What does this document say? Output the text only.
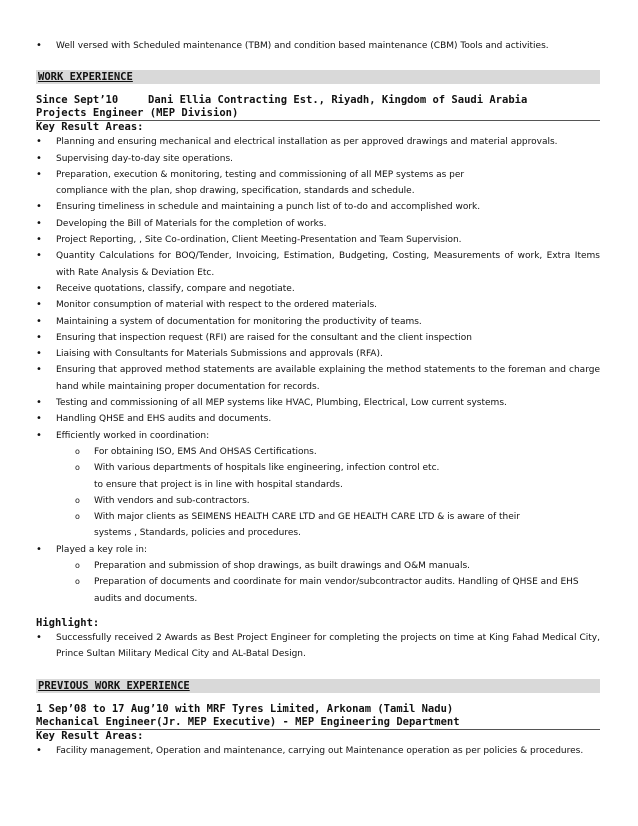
• Well versed with Scheduled maintenance (TBM) and condition based maintenance (CBM) Tools and activities.
WORK EXPERIENCE
Since Sept’10	Dani Ellia Contracting Est., Riyadh, Kingdom of Saudi Arabia
Projects Engineer (MEP Division)
Key Result Areas:
• Planning and ensuring mechanical and electrical installation as per approved drawings and material approvals.
• Supervising day-to-day site operations.
• Preparation, execution & monitoring, testing and commissioning of all MEP systems as per compliance with the plan, shop drawing, specification, standards and schedule.
• Ensuring timeliness in schedule and maintaining a punch list of to-do and accomplished work.
• Developing the Bill of Materials for the completion of works.
• Project Reporting, , Site Co-ordination, Client Meeting-Presentation and Team Supervision.
• Quantity Calculations for BOQ/Tender, Invoicing, Estimation, Budgeting, Costing, Measurements of work, Extra Items with Rate Analysis & Deviation Etc.
• Receive quotations, classify, compare and negotiate.
• Monitor consumption of material with respect to the ordered materials.
• Maintaining a system of documentation for monitoring the productivity of teams.
• Ensuring that inspection request (RFI) are raised for the consultant and the client inspection
• Liaising with Consultants for Materials Submissions and approvals (RFA).
• Ensuring that approved method statements are available explaining the method statements to the foreman and charge hand while maintaining proper documentation for records.
• Testing and commissioning of all MEP systems like HVAC, Plumbing, Electrical, Low current systems.
• Handling QHSE and EHS audits and documents.
• Efficiently worked in coordination:
o For obtaining ISO, EMS And OHSAS Certifications.
o With various departments of hospitals like engineering, infection control etc.
to ensure that project is in line with hospital standards.
o With vendors and sub-contractors.
o With major clients as SEIMENS HEALTH CARE LTD and GE HEALTH CARE LTD & is aware of their systems , Standards, policies and procedures.
• Played a key role in:
o Preparation and submission of shop drawings, as built drawings and O&M manuals.
o Preparation of documents and coordinate for main vendor/subcontractor audits. Handling of QHSE and EHS audits and documents.
Highlight:
• Successfully received 2 Awards as Best Project Engineer for completing the projects on time at King Fahad Medical City, Prince Sultan Military Medical City and AL-Batal Design.
PREVIOUS WORK EXPERIENCE
1 Sep’08 to 17 Aug’10 with MRF Tyres Limited, Arkonam (Tamil Nadu)
Mechanical Engineer(Jr. MEP Executive) - MEP Engineering Department
Key Result Areas:
• Facility management, Operation and maintenance, carrying out Maintenance operation as per policies & procedures.
